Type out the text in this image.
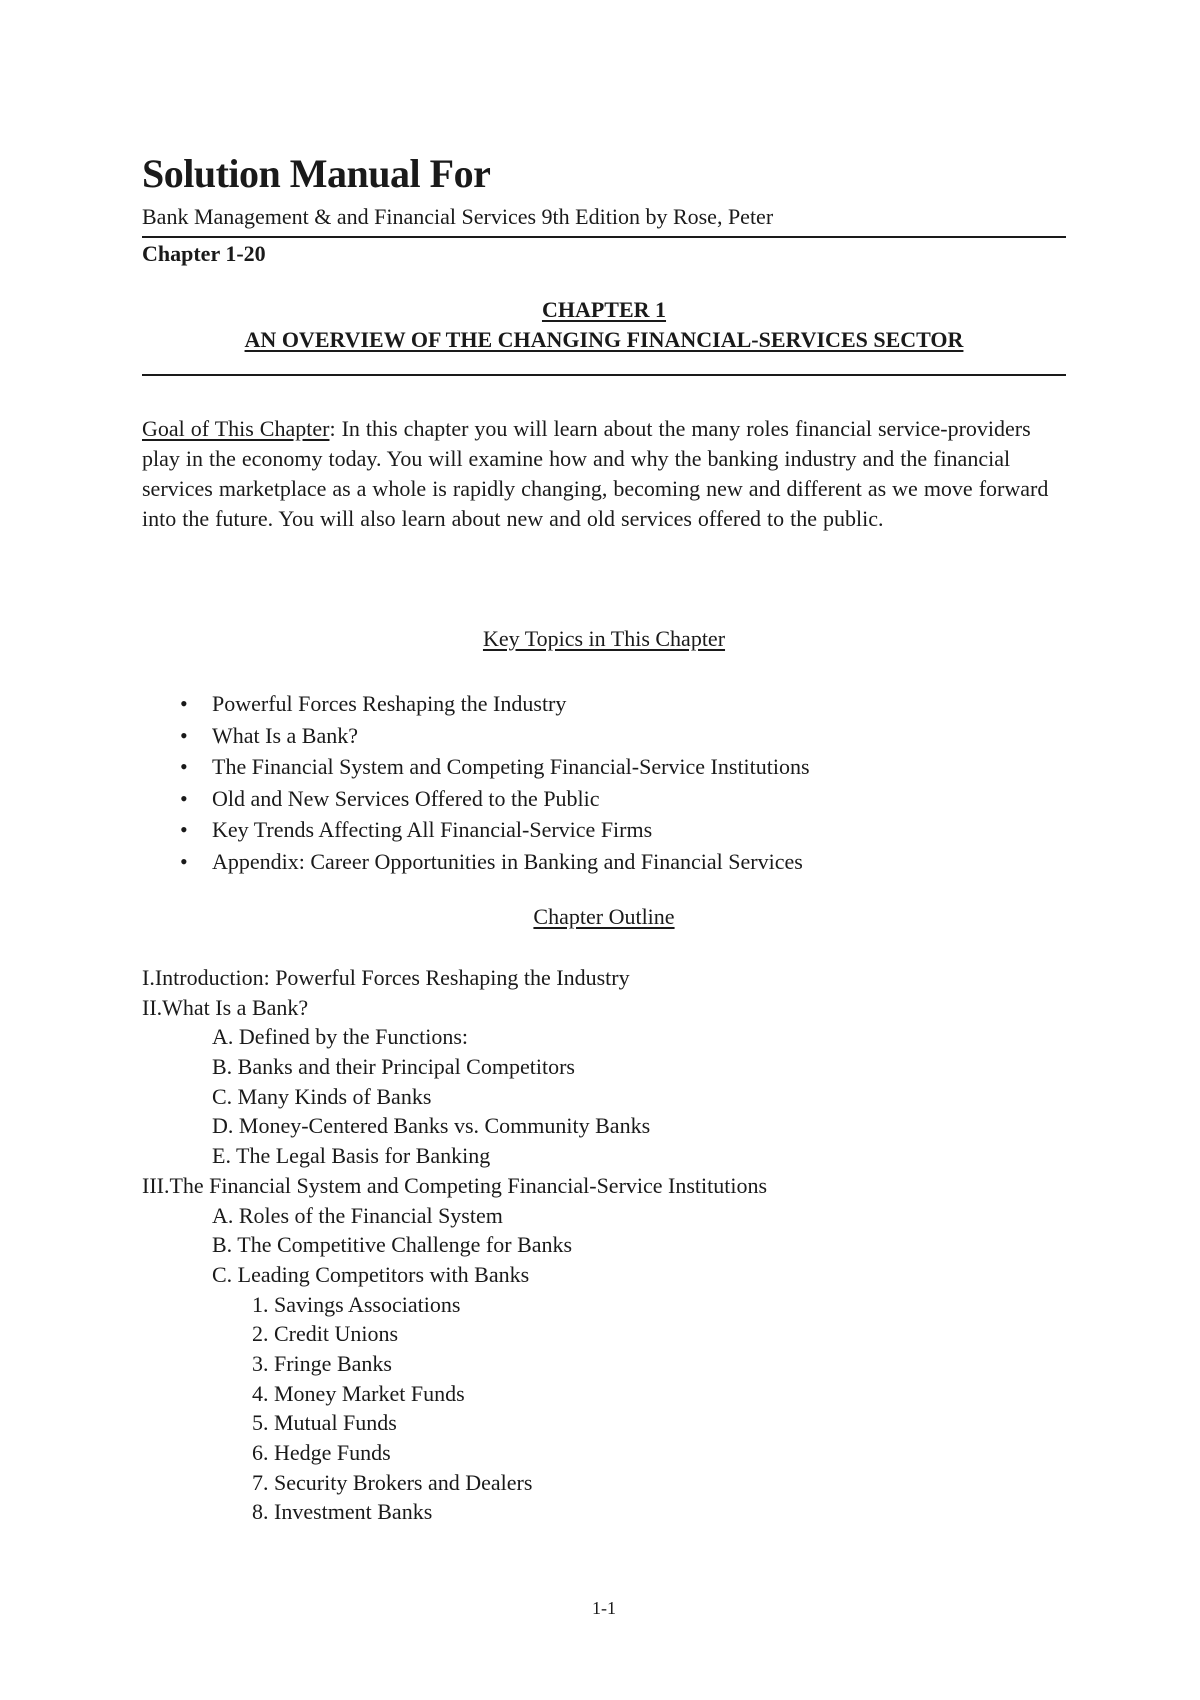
Solution Manual For
Bank Management & and Financial Services 9th Edition by Rose, Peter
Chapter 1-20
CHAPTER 1
AN OVERVIEW OF THE CHANGING FINANCIAL-SERVICES SECTOR
Goal of This Chapter: In this chapter you will learn about the many roles financial service-providers play in the economy today. You will examine how and why the banking industry and the financial services marketplace as a whole is rapidly changing, becoming new and different as we move forward into the future. You will also learn about new and old services offered to the public.
Key Topics in This Chapter
• Powerful Forces Reshaping the Industry
• What Is a Bank?
• The Financial System and Competing Financial-Service Institutions
• Old and New Services Offered to the Public
• Key Trends Affecting All Financial-Service Firms
• Appendix: Career Opportunities in Banking and Financial Services
Chapter Outline
I.Introduction: Powerful Forces Reshaping the Industry
II.What Is a Bank?
A. Defined by the Functions:
B. Banks and their Principal Competitors
C. Many Kinds of Banks
D. Money-Centered Banks vs. Community Banks
E. The Legal Basis for Banking
III.The Financial System and Competing Financial-Service Institutions
A. Roles of the Financial System
B. The Competitive Challenge for Banks
C. Leading Competitors with Banks
1. Savings Associations
2. Credit Unions
3. Fringe Banks
4. Money Market Funds
5. Mutual Funds
6. Hedge Funds
7. Security Brokers and Dealers
8. Investment Banks
1-1
